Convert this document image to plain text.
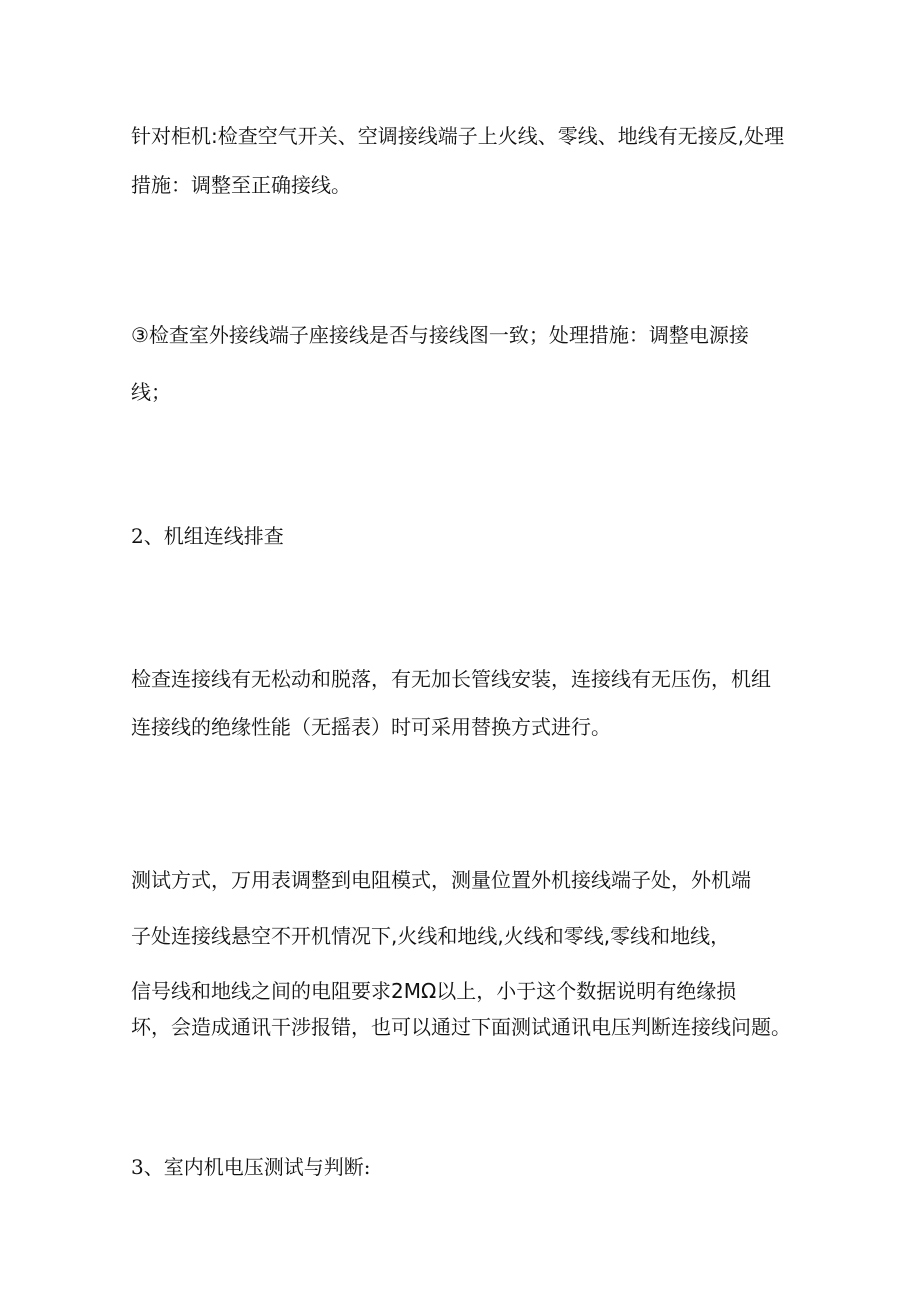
针对柜机:检查空气开关、空调接线端子上火线、零线、地线有无接反,处理
措施：调整至正确接线。
③检查室外接线端子座接线是否与接线图一致；处理措施：调整电源接
线；
2、机组连线排查
检查连接线有无松动和脱落，有无加长管线安装，连接线有无压伤，机组
连接线的绝缘性能（无摇表）时可采用替换方式进行。
测试方式，万用表调整到电阻模式，测量位置外机接线端子处，外机端
子处连接线悬空不开机情况下,火线和地线,火线和零线,零线和地线，
信号线和地线之间的电阻要求2MΩ以上，小于这个数据说明有绝缘损
坏，会造成通讯干涉报错，也可以通过下面测试通讯电压判断连接线问题。
3、室内机电压测试与判断:
